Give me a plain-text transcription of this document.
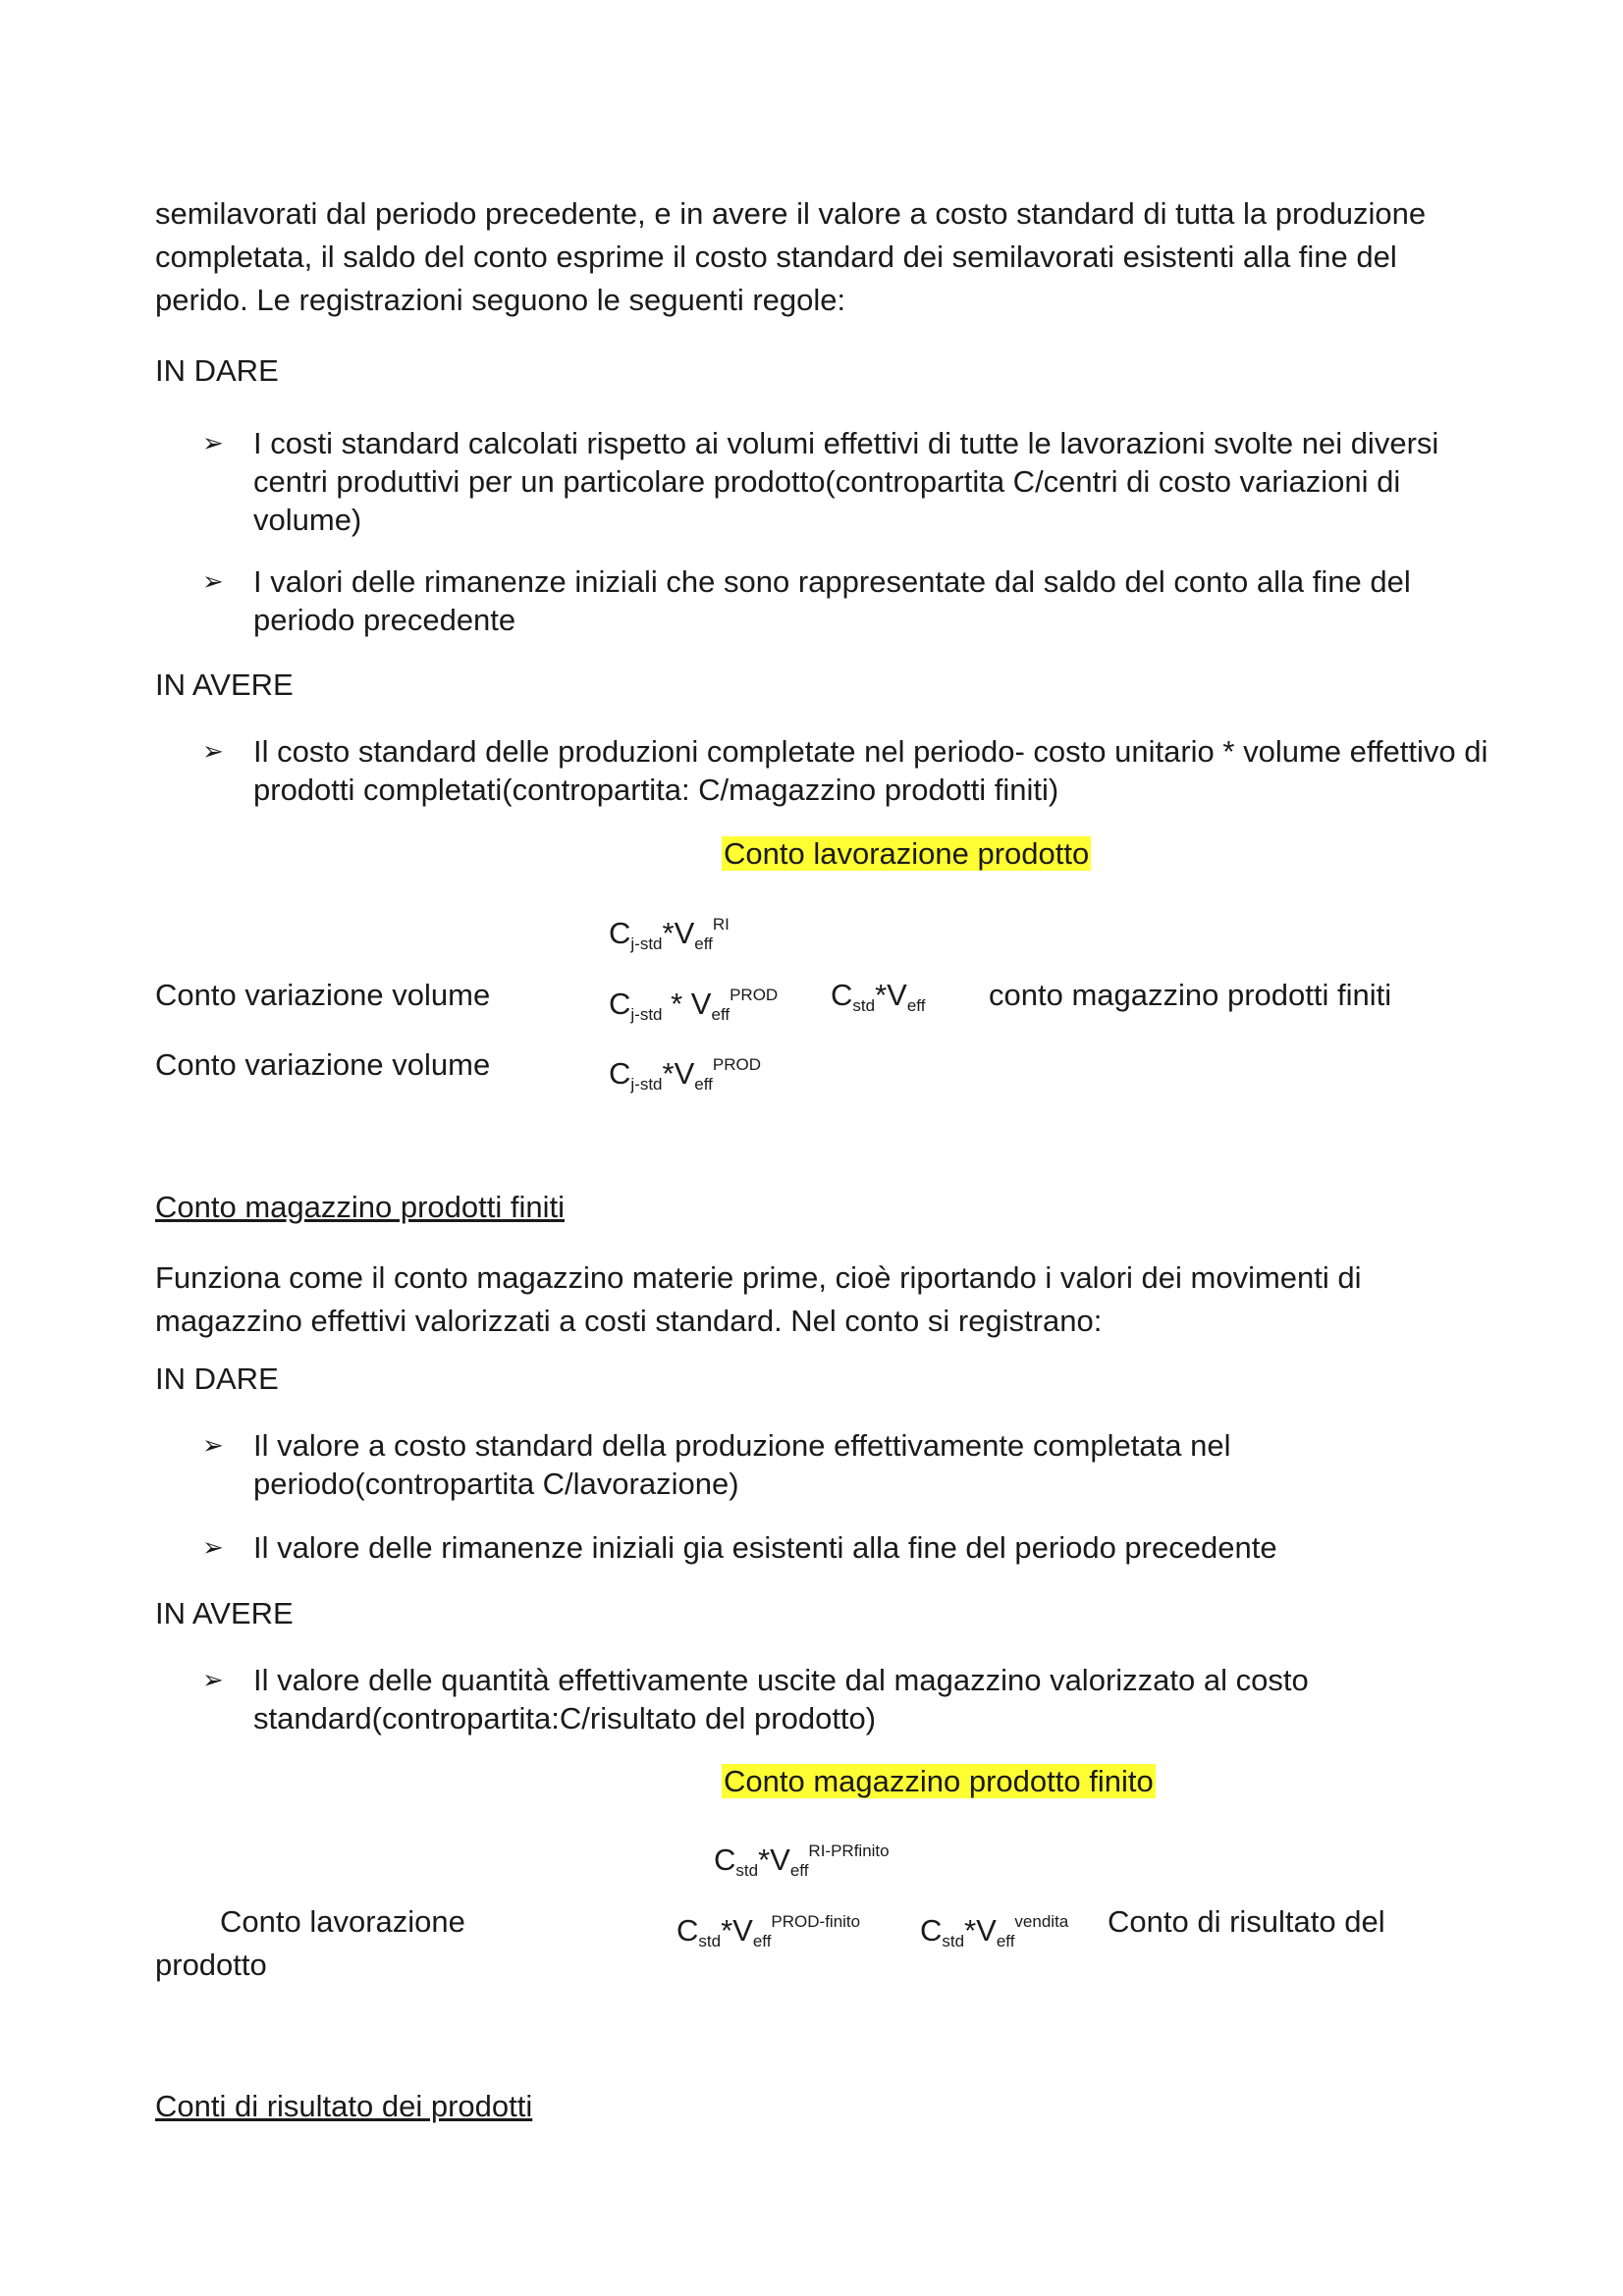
semilavorati dal periodo precedente, e in avere il valore a costo standard di tutta la produzione completata, il saldo del conto esprime il costo standard dei semilavorati esistenti alla fine del perido. Le registrazioni seguono le seguenti regole:
IN DARE
➢ I costi standard calcolati rispetto ai volumi effettivi di tutte le lavorazioni svolte nei diversi centri produttivi per un particolare prodotto(contropartita C/centri di costo variazioni di volume)
➢ I valori delle rimanenze iniziali che sono rappresentate dal saldo del conto alla fine del periodo precedente
IN AVERE
➢ Il costo standard delle produzioni completate nel periodo- costo unitario * volume effettivo di prodotti completati(contropartita: C/magazzino prodotti finiti)
Conto lavorazione prodotto
$C_{j-std}*V_{eff}^{RI}$
Conto variazione volume	$C_{j-std} * V_{eff}^{PROD}$ $C_{std}*V_{eff}$ conto magazzino prodotti finiti
Conto variazione volume	$C_{j-std}*V_{eff}^{PROD}$
Conto magazzino prodotti finiti
Funziona come il conto magazzino materie prime, cioè riportando i valori dei movimenti di magazzino effettivi valorizzati a costi standard. Nel conto si registrano:
IN DARE
➢ Il valore a costo standard della produzione effettivamente completata nel periodo(contropartita C/lavorazione)
➢ Il valore delle rimanenze iniziali gia esistenti alla fine del periodo precedente
IN AVERE
➢ Il valore delle quantità effettivamente uscite dal magazzino valorizzato al costo standard(contropartita:C/risultato del prodotto)
Conto magazzino prodotto finito
$C_{std}*V_{eff}^{RI-PRfinito}$
Conto lavorazione
prodotto
$C_{std}*V_{eff}^{PROD-finito}$ $C_{std}*V_{eff}^{vendita}$ Conto di risultato del
Conti di risultato dei prodotti
